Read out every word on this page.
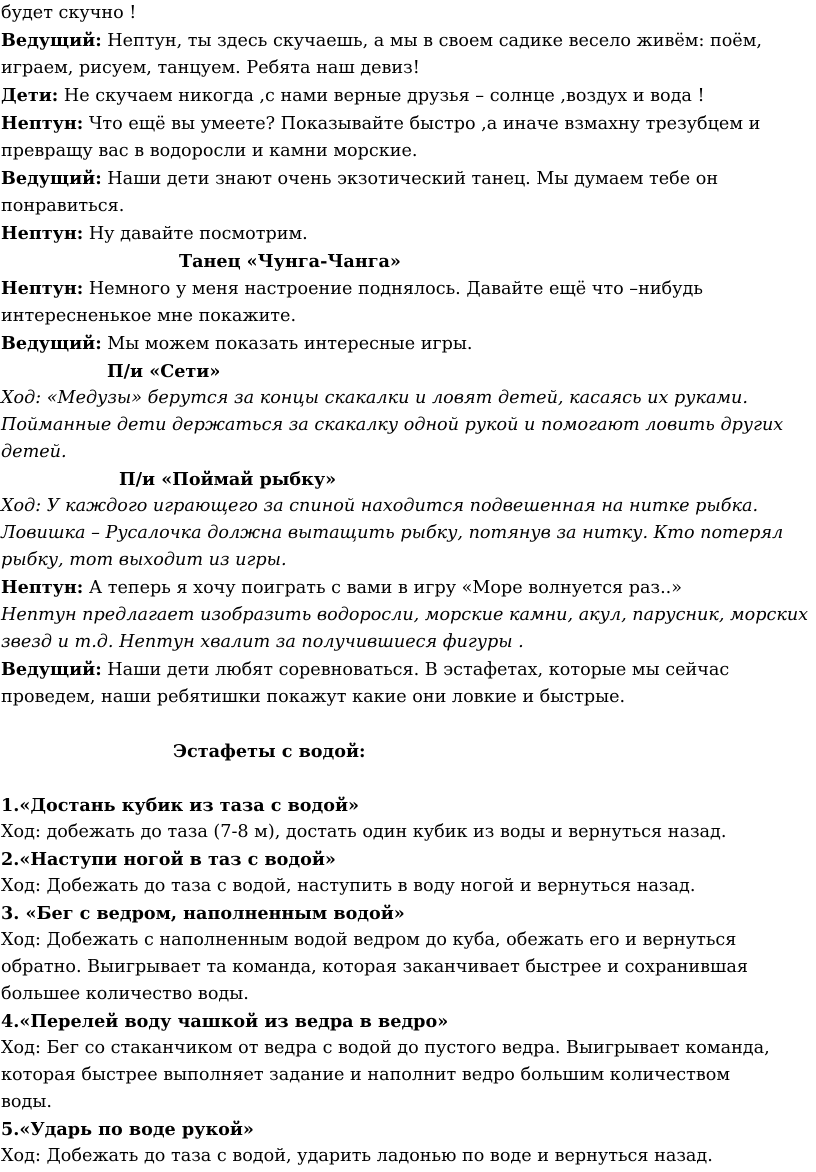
будет скучно !
Ведущий: Нептун, ты здесь скучаешь, а мы в своем садике весело живём: поём,
играем, рисуем, танцуем. Ребята наш девиз!
Дети: Не скучаем никогда ,с нами верные друзья – солнце ,воздух и вода !
Нептун: Что ещё вы умеете? Показывайте быстро ,а иначе взмахну трезубцем и
превращу вас в водоросли и камни морские.
Ведущий: Наши дети знают очень экзотический танец. Мы думаем тебе он
понравиться.
Нептун: Ну давайте посмотрим.
Танец «Чунга-Чанга»
Нептун: Немного у меня настроение поднялось. Давайте ещё что –нибудь
интересненькое мне покажите.
Ведущий: Мы можем показать интересные игры.
П/и «Сети»
Ход: «Медузы» берутся за концы скакалки и ловят детей, касаясь их руками.
Пойманные дети держаться за скакалку одной рукой и помогают ловить других
детей.
П/и «Поймай рыбку»
Ход: У каждого играющего за спиной находится подвешенная на нитке рыбка.
Ловишка – Русалочка должна вытащить рыбку, потянув за нитку. Кто потерял
рыбку, тот выходит из игры.
Нептун: А теперь я хочу поиграть с вами в игру «Море волнуется раз..»
Нептун предлагает изобразить водоросли, морские камни, акул, парусник, морских
звезд и т.д. Нептун хвалит за получившиеся фигуры .
Ведущий: Наши дети любят соревноваться. В эстафетах, которые мы сейчас
проведем, наши ребятишки покажут какие они ловкие и быстрые.
Эстафеты с водой:
1.«Достань кубик из таза с водой»
Ход: добежать до таза (7-8 м), достать один кубик из воды и вернуться назад.
2.«Наступи ногой в таз с водой»
Ход: Добежать до таза с водой, наступить в воду ногой и вернуться назад.
3. «Бег с ведром, наполненным водой»
Ход: Добежать с наполненным водой ведром до куба, обежать его и вернуться
обратно. Выигрывает та команда, которая заканчивает быстрее и сохранившая
большее количество воды.
4.«Перелей воду чашкой из ведра в ведро»
Ход: Бег со стаканчиком от ведра с водой до пустого ведра. Выигрывает команда,
которая быстрее выполняет задание и наполнит ведро большим количеством
воды.
5.«Ударь по воде рукой»
Ход: Добежать до таза с водой, ударить ладонью по воде и вернуться назад.
